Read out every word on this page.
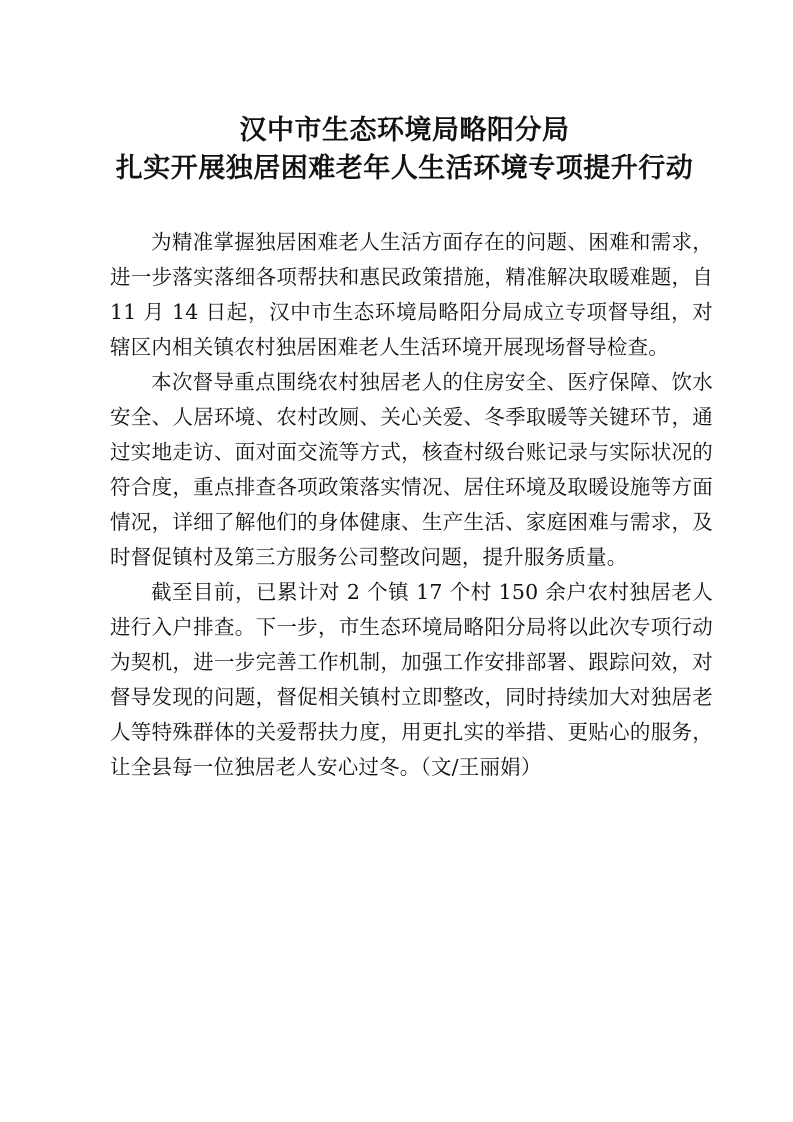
汉中市生态环境局略阳分局
扎实开展独居困难老年人生活环境专项提升行动

为精准掌握独居困难老人生活方面存在的问题、困难和需求，进一步落实落细各项帮扶和惠民政策措施，精准解决取暖难题，自 11 月 14 日起，汉中市生态环境局略阳分局成立专项督导组，对辖区内相关镇农村独居困难老人生活环境开展现场督导检查。

本次督导重点围绕农村独居老人的住房安全、医疗保障、饮水安全、人居环境、农村改厕、关心关爱、冬季取暖等关键环节，通过实地走访、面对面交流等方式，核查村级台账记录与实际状况的符合度，重点排查各项政策落实情况、居住环境及取暖设施等方面情况，详细了解他们的身体健康、生产生活、家庭困难与需求，及时督促镇村及第三方服务公司整改问题，提升服务质量。

截至目前，已累计对 2 个镇 17 个村 150 余户农村独居老人进行入户排查。下一步，市生态环境局略阳分局将以此次专项行动为契机，进一步完善工作机制，加强工作安排部署、跟踪问效，对督导发现的问题，督促相关镇村立即整改，同时持续加大对独居老人等特殊群体的关爱帮扶力度，用更扎实的举措、更贴心的服务，让全县每一位独居老人安心过冬。（文/王丽娟）
